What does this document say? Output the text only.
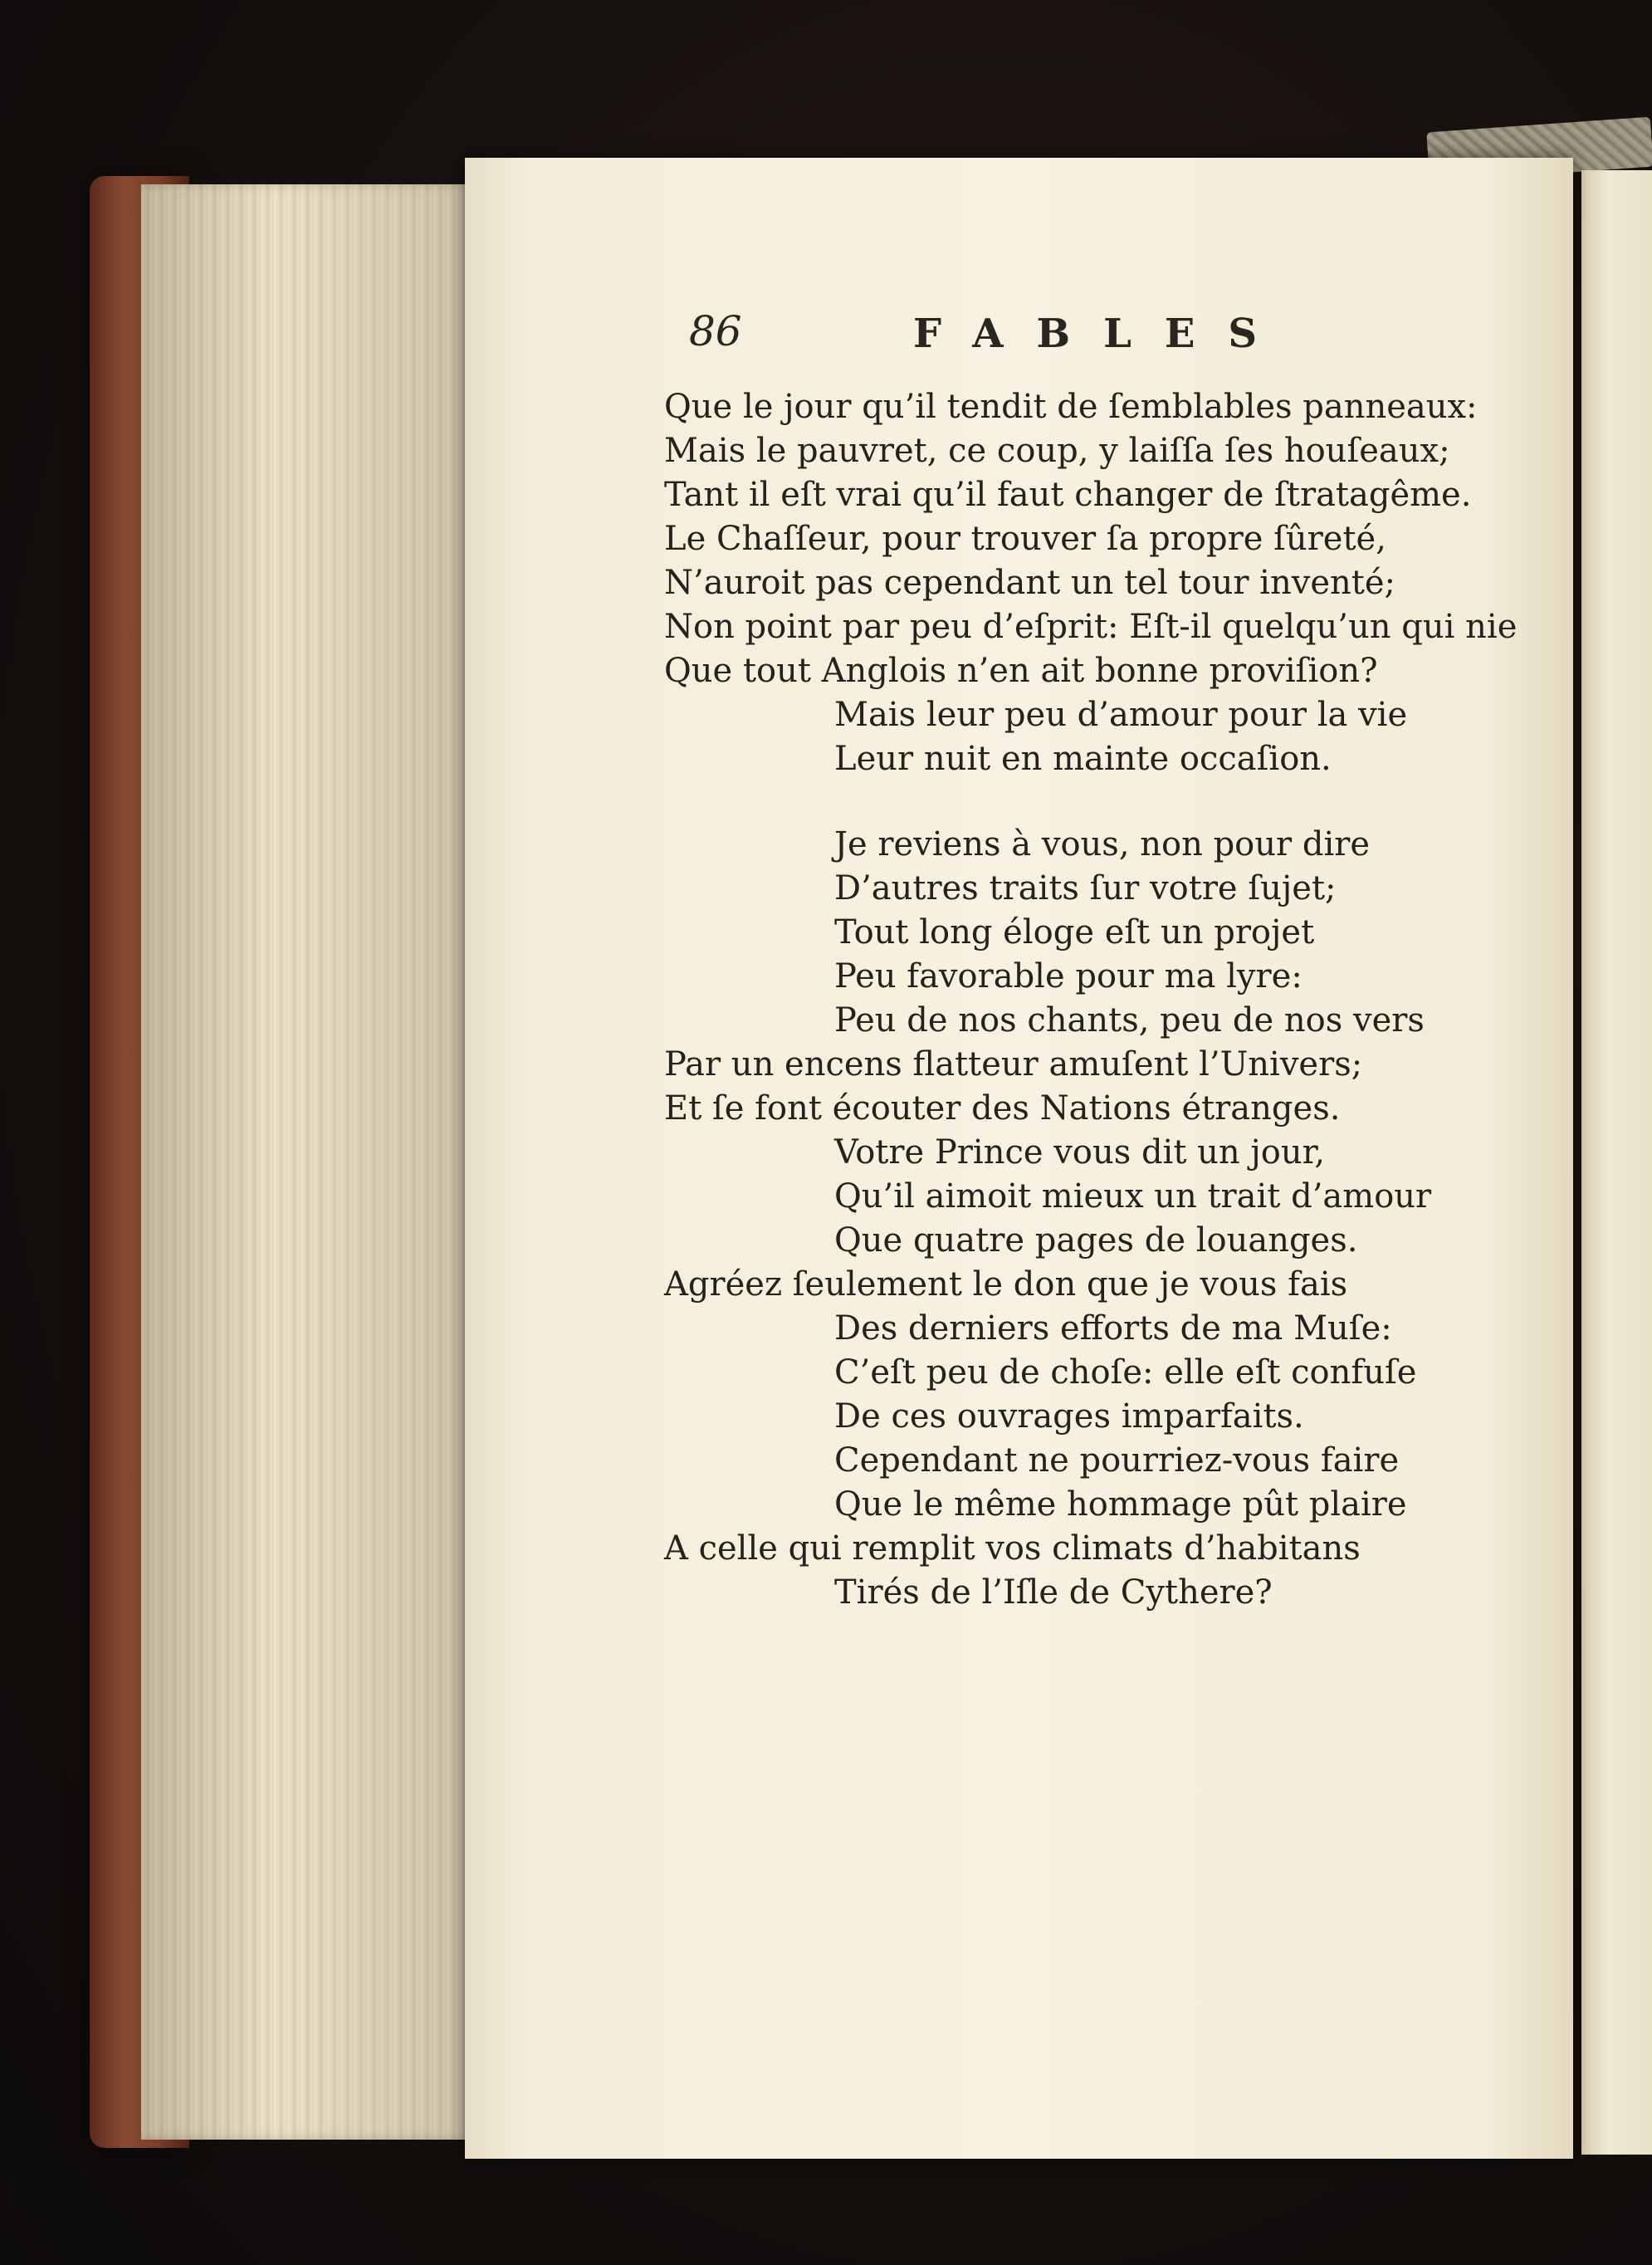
86	FABLES
Que le jour qu’il tendit de ſemblables panneaux:
Mais le pauvret, ce coup, y laiſſa ſes houſeaux;
Tant il eſt vrai qu’il faut changer de ſtratagême.
Le Chaſſeur, pour trouver ſa propre ſûreté,
N’auroit pas cependant un tel tour inventé;
Non point par peu d’eſprit: Eſt-il quelqu’un qui nie
Que tout Anglois n’en ait bonne proviſion?
Mais leur peu d’amour pour la vie
Leur nuit en mainte occaſion.
Je reviens à vous, non pour dire
D’autres traits ſur votre ſujet;
Tout long éloge eſt un projet
Peu favorable pour ma lyre:
Peu de nos chants, peu de nos vers
Par un encens flatteur amuſent l’Univers;
Et ſe font écouter des Nations étranges.
Votre Prince vous dit un jour,
Qu’il aimoit mieux un trait d’amour
Que quatre pages de louanges.
Agréez ſeulement le don que je vous fais
Des derniers efforts de ma Muſe:
C’eſt peu de choſe: elle eſt confuſe
De ces ouvrages imparfaits.
Cependant ne pourriez-vous faire
Que le même hommage pût plaire
A celle qui remplit vos climats d’habitans
Tirés de l’Iſle de Cythere?
